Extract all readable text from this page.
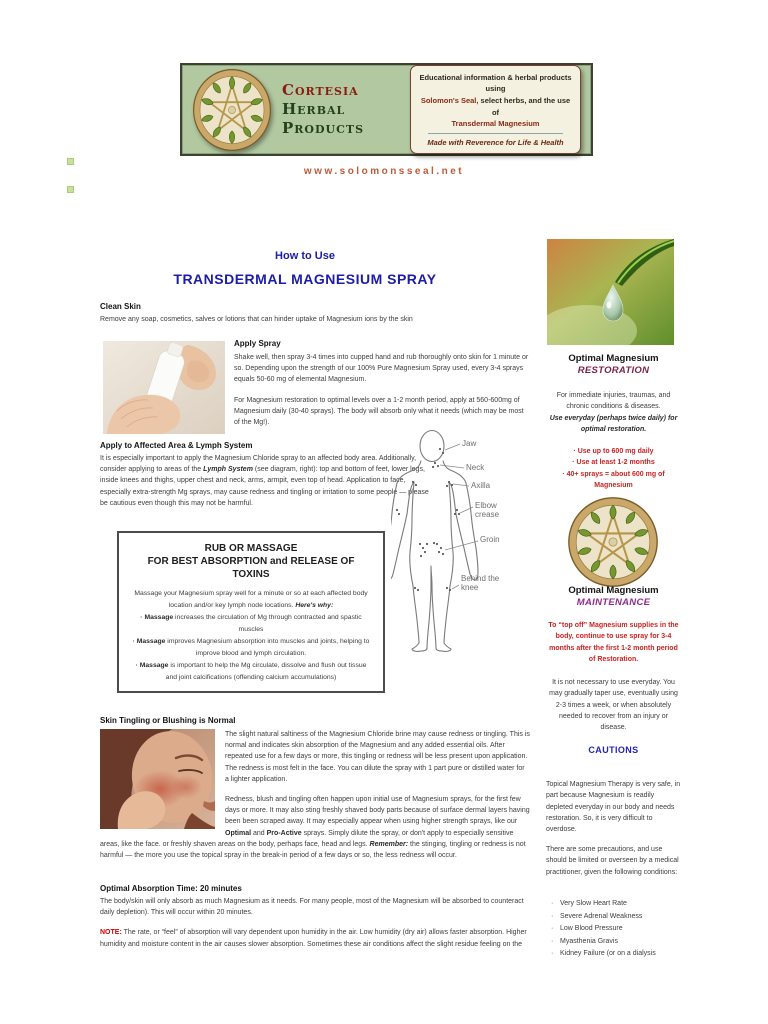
Cortesia
Herbal
Products
Educational information & herbal products using
Solomon's Seal, select herbs, and the use of
Transdermal Magnesium
Made with Reverence for Life & Health
www.solomonsseal.net
How to Use
TRANSDERMAL MAGNESIUM SPRAY
Clean Skin
Remove any soap, cosmetics, salves or lotions that can hinder uptake of Magnesium ions by the skin
Apply Spray
Shake well, then spray 3-4 times into cupped hand and rub thoroughly onto skin for 1 minute or so. Depending upon the strength of our 100% Pure Magnesium Spray used, every 3-4 sprays equals 50-60 mg of elemental Magnesium.
For Magnesium restoration to optimal levels over a 1-2 month period, apply at 560-600mg of Magnesium daily (30-40 sprays). The body will absorb only what it needs (which may be most of the Mg!).
Apply to Affected Area & Lymph System
It is especially important to apply the Magnesium Chloride spray to an affected body area. Additionally, consider applying to areas of the Lymph System (see diagram, right): top and bottom of feet, lower legs, inside knees and thighs, upper chest and neck, arms, armpit, even top of head. Application to face, especially extra-strength Mg sprays, may cause redness and tingling or irritation to some people — please be cautious even though this may not be harmful.
Jaw
Neck
Axilla
Elbow crease
Groin
Behind the knee
RUB OR MASSAGE
FOR BEST ABSORPTION and RELEASE OF
TOXINS
Massage your Magnesium spray well for a minute or so at each affected body location and/or key lymph node locations. Here's why:
· Massage increases the circulation of Mg through contracted and spastic muscles
· Massage improves Magnesium absorption into muscles and joints, helping to improve blood and lymph circulation.
· Massage is important to help the Mg circulate, dissolve and flush out tissue and joint calcifications (offending calcium accumulations)
Skin Tingling or Blushing is Normal
The slight natural saltiness of the Magnesium Chloride brine may cause redness or tingling. This is normal and indicates skin absorption of the Magnesium and any added essential oils. After repeated use for a few days or more, this tingling or redness will be less present upon application. The redness is most felt in the face. You can dilute the spray with 1 part pure or distilled water for a lighter application.
Redness, blush and tingling often happen upon initial use of Magnesium sprays, for the first few days or more. It may also sting freshly shaved body parts because of surface dermal layers having been been scraped away. It may especially appear when using higher strength sprays, like our Optimal and Pro-Active sprays. Simply dilute the spray, or don't apply to especially sensitive areas, like the face. or freshly shaven areas on the body, perhaps face, head and legs. Remember: the stinging, tingling or redness is not harmful — the more you use the topical spray in the break-in period of a few days or so, the less redness will occur.
Optimal Absorption Time: 20 minutes
The body/skin will only absorb as much Magnesium as it needs. For many people, most of the Magnesium will be absorbed to counteract daily depletion). This will occur within 20 minutes.
NOTE: The rate, or “feel” of absorption will vary dependent upon humidity in the air. Low humidity (dry air) allows faster absorption. Higher humidity and moisture content in the air causes slower absorption. Sometimes these air conditions affect the slight residue feeling on the
Optimal Magnesium
RESTORATION
For immediate injuries, traumas, and chronic conditions & diseases.
Use everyday (perhaps twice daily) for optimal restoration.
· Use up to 600 mg daily
· Use at least 1-2 months
· 40+ sprays = about 600 mg of Magnesium
Optimal Magnesium
MAINTENANCE
To “top off” Magnesium supplies in the body, continue to use spray for 3-4 months after the first 1-2 month period of Restoration.
It is not necessary to use everyday. You may gradually taper use, eventually using 2-3 times a week, or when absolutely needed to recover from an injury or disease.
CAUTIONS
Topical Magnesium Therapy is very safe, in part because Magnesium is readily depleted everyday in our body and needs restoration. So, it is very difficult to overdose.
There are some precautions, and use should be limited or overseen by a medical practitioner, given the following conditions:
· Very Slow Heart Rate
· Severe Adrenal Weakness
· Low Blood Pressure
· Myasthenia Gravis
· Kidney Failure (or on a dialysis
